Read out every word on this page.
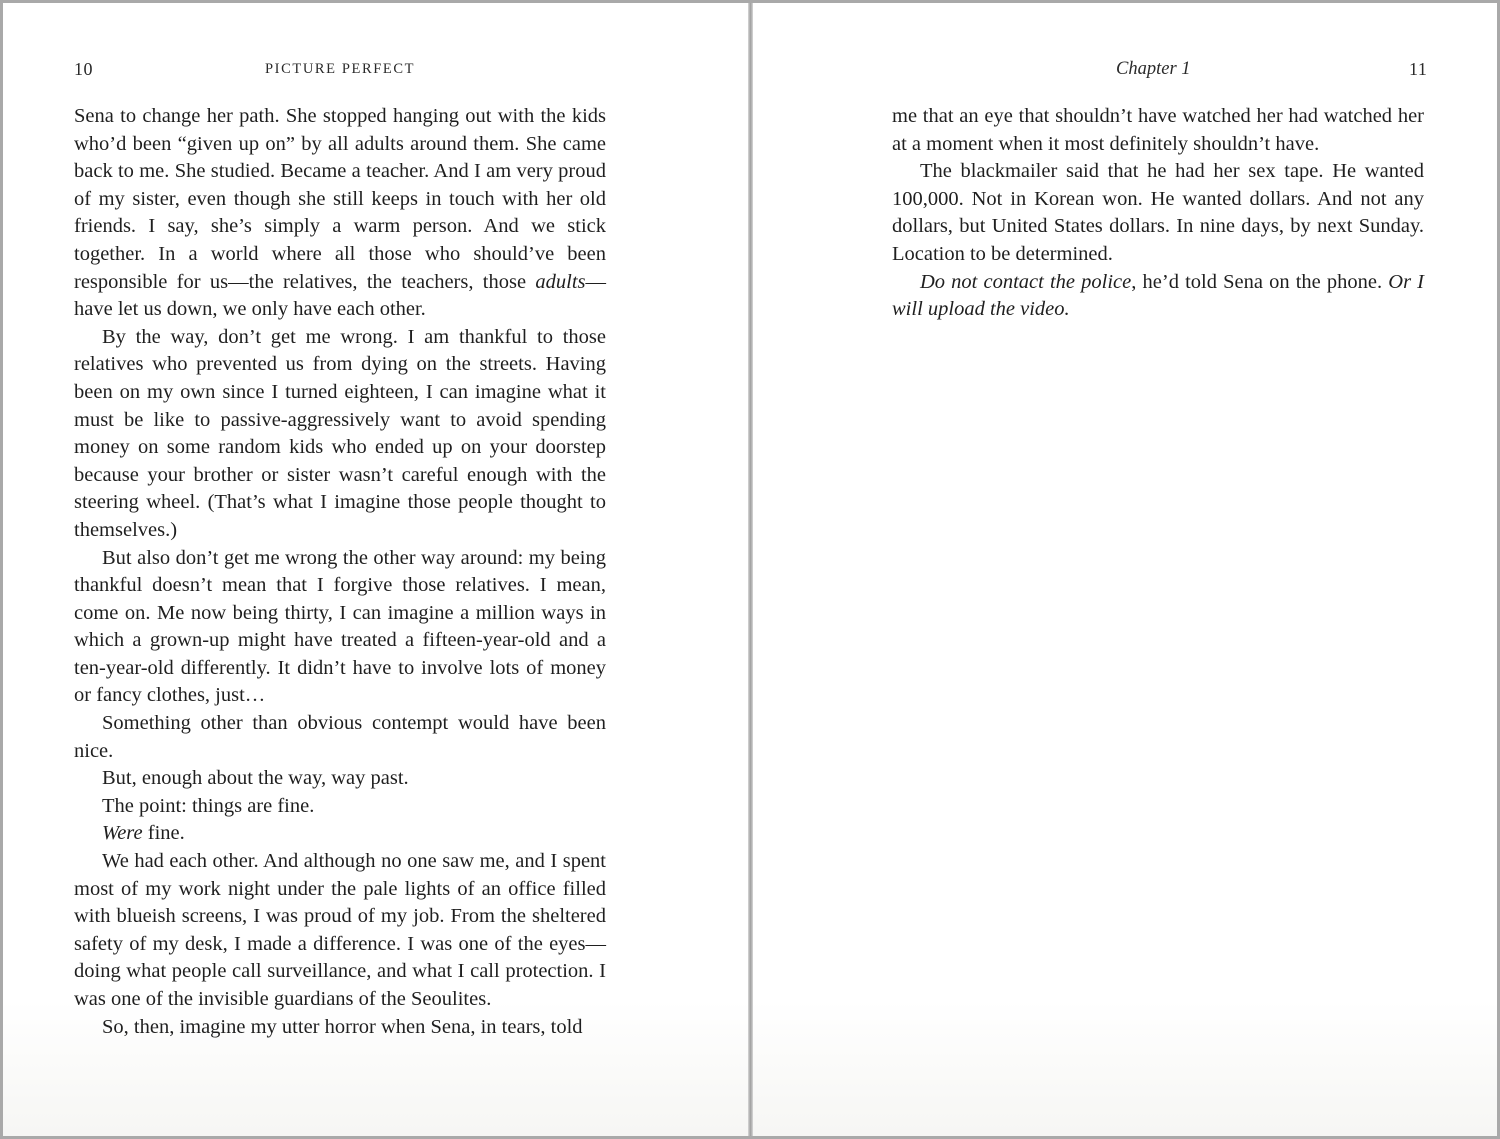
10	PICTURE PERFECT

Sena to change her path. She stopped hanging out with the kids who’d been “given up on” by all adults around them. She came back to me. She studied. Became a teacher. And I am very proud of my sister, even though she still keeps in touch with her old friends. I say, she’s simply a warm person. And we stick together. In a world where all those who should’ve been responsible for us—the relatives, the teachers, those adults—have let us down, we only have each other.

By the way, don’t get me wrong. I am thankful to those relatives who prevented us from dying on the streets. Having been on my own since I turned eighteen, I can imagine what it must be like to passive-aggressively want to avoid spending money on some random kids who ended up on your doorstep because your brother or sister wasn’t careful enough with the steering wheel. (That’s what I imagine those people thought to themselves.)

But also don’t get me wrong the other way around: my being thankful doesn’t mean that I forgive those relatives. I mean, come on. Me now being thirty, I can imagine a million ways in which a grown-up might have treated a fifteen-year-old and a ten-year-old differently. It didn’t have to involve lots of money or fancy clothes, just…

Something other than obvious contempt would have been nice.

But, enough about the way, way past.

The point: things are fine.

Were fine.

We had each other. And although no one saw me, and I spent most of my work night under the pale lights of an office filled with blueish screens, I was proud of my job. From the sheltered safety of my desk, I made a difference. I was one of the eyes—doing what people call surveillance, and what I call protection. I was one of the invisible guardians of the Seoulites.

So, then, imagine my utter horror when Sena, in tears, told

Chapter 1	11

me that an eye that shouldn’t have watched her had watched her at a moment when it most definitely shouldn’t have.

The blackmailer said that he had her sex tape. He wanted 100,000. Not in Korean won. He wanted dollars. And not any dollars, but United States dollars. In nine days, by next Sunday. Location to be determined.

Do not contact the police, he’d told Sena on the phone. Or I will upload the video.
